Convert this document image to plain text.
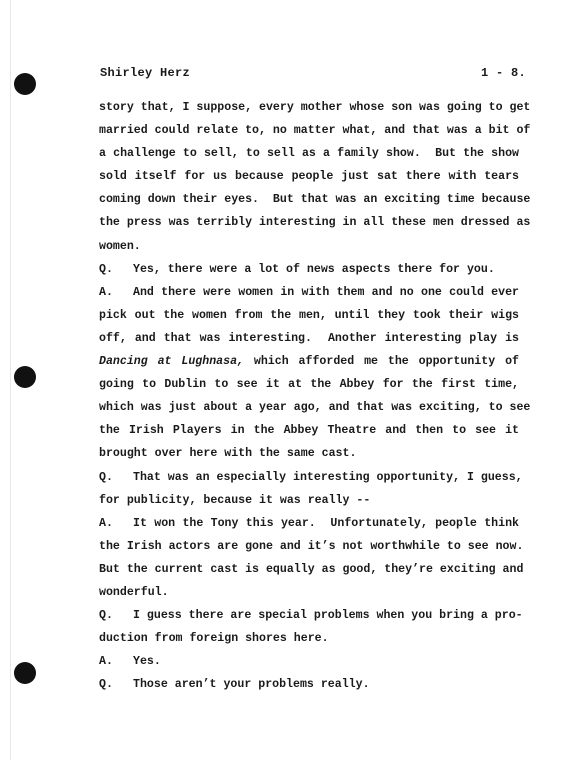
Shirley Herz	1 - 8.
story that, I suppose, every mother whose son was going to get
married could relate to, no matter what, and that was a bit of
a challenge to sell, to sell as a family show.  But the show
sold itself for us because people just sat there with tears
coming down their eyes.  But that was an exciting time because
the press was terribly interesting in all these men dressed as
women.
Q. Yes, there were a lot of news aspects there for you.
A. And there were women in with them and no one could ever
pick out the women from the men, until they took their wigs
off, and that was interesting.  Another interesting play is
Dancing at Lughnasa, which afforded me the opportunity of
going to Dublin to see it at the Abbey for the first time,
which was just about a year ago, and that was exciting, to see
the Irish Players in the Abbey Theatre and then to see it
brought over here with the same cast.
Q. That was an especially interesting opportunity, I guess,
for publicity, because it was really --
A. It won the Tony this year.  Unfortunately, people think
the Irish actors are gone and it’s not worthwhile to see now.
But the current cast is equally as good, they’re exciting and
wonderful.
Q. I guess there are special problems when you bring a pro-
duction from foreign shores here.
A. Yes.
Q. Those aren’t your problems really.
